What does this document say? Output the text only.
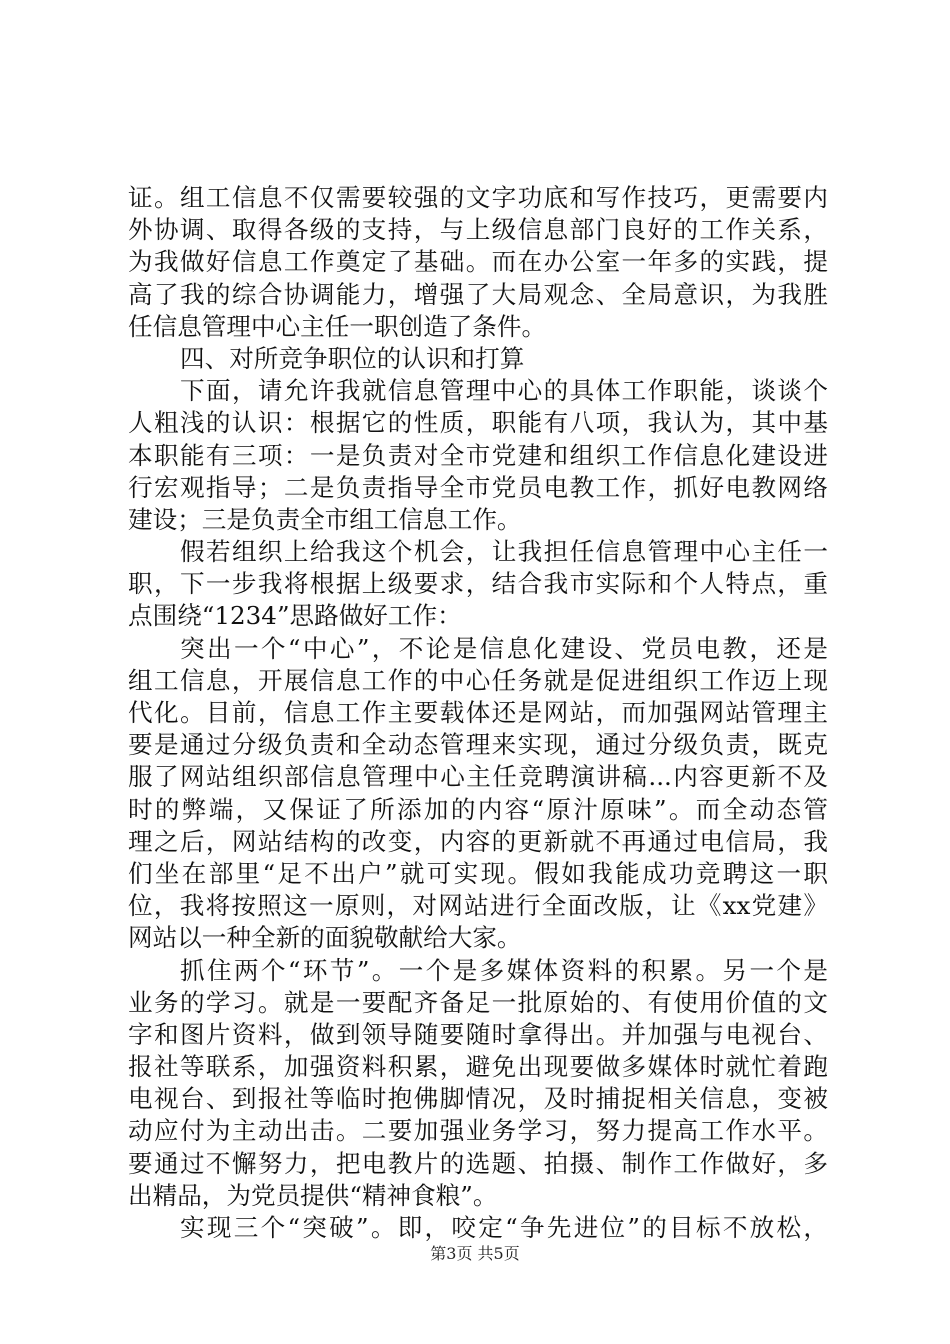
证。组工信息不仅需要较强的文字功底和写作技巧，更需要内
外协调、取得各级的支持，与上级信息部门良好的工作关系，
为我做好信息工作奠定了基础。而在办公室一年多的实践，提
高了我的综合协调能力，增强了大局观念、全局意识，为我胜
任信息管理中心主任一职创造了条件。
四、对所竞争职位的认识和打算
下面，请允许我就信息管理中心的具体工作职能，谈谈个
人粗浅的认识：根据它的性质，职能有八项，我认为，其中基
本职能有三项：一是负责对全市党建和组织工作信息化建设进
行宏观指导；二是负责指导全市党员电教工作，抓好电教网络
建设；三是负责全市组工信息工作。
假若组织上给我这个机会，让我担任信息管理中心主任一
职，下一步我将根据上级要求，结合我市实际和个人特点，重
点围绕“1234”思路做好工作：
突出一个“中心”，不论是信息化建设、党员电教，还是
组工信息，开展信息工作的中心任务就是促进组织工作迈上现
代化。目前，信息工作主要载体还是网站，而加强网站管理主
要是通过分级负责和全动态管理来实现，通过分级负责，既克
服了网站组织部信息管理中心主任竞聘演讲稿...内容更新不及
时的弊端，又保证了所添加的内容“原汁原味”。而全动态管
理之后，网站结构的改变，内容的更新就不再通过电信局，我
们坐在部里“足不出户”就可实现。假如我能成功竞聘这一职
位，我将按照这一原则，对网站进行全面改版，让《xx党建》
网站以一种全新的面貌敬献给大家。
抓住两个“环节”。一个是多媒体资料的积累。另一个是
业务的学习。就是一要配齐备足一批原始的、有使用价值的文
字和图片资料，做到领导随要随时拿得出。并加强与电视台、
报社等联系，加强资料积累，避免出现要做多媒体时就忙着跑
电视台、到报社等临时抱佛脚情况，及时捕捉相关信息，变被
动应付为主动出击。二要加强业务学习，努力提高工作水平。
要通过不懈努力，把电教片的选题、拍摄、制作工作做好，多
出精品，为党员提供“精神食粮”。
实现三个“突破”。即，咬定“争先进位”的目标不放松，
第3页 共5页
